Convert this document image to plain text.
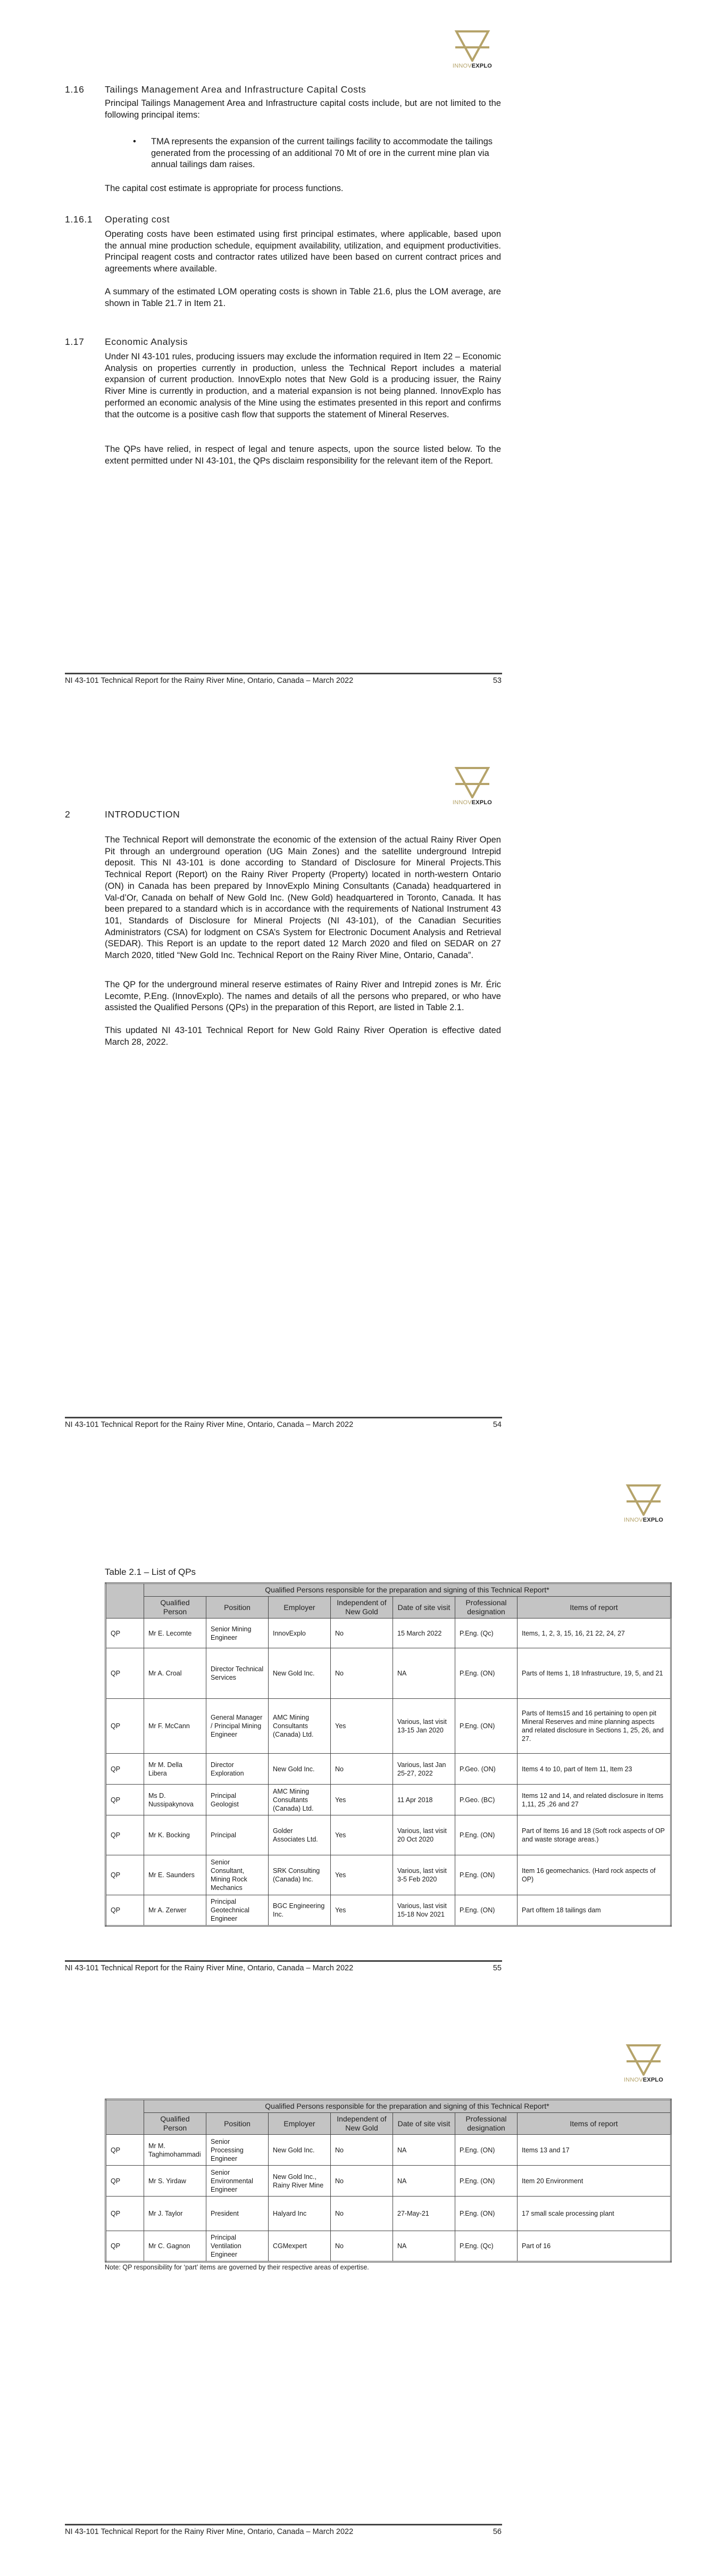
INNOVEXPLO
1.16 Tailings Management Area and Infrastructure Capital Costs
Principal Tailings Management Area and Infrastructure capital costs include, but are not limited to the following principal items:
• TMA represents the expansion of the current tailings facility to accommodate the tailings generated from the processing of an additional 70 Mt of ore in the current mine plan via annual tailings dam raises.
The capital cost estimate is appropriate for process functions.
1.16.1 Operating cost
Operating costs have been estimated using first principal estimates, where applicable, based upon the annual mine production schedule, equipment availability, utilization, and equipment productivities. Principal reagent costs and contractor rates utilized have been based on current contract prices and agreements where available.
A summary of the estimated LOM operating costs is shown in Table 21.6, plus the LOM average, are shown in Table 21.7 in Item 21.
1.17 Economic Analysis
Under NI 43-101 rules, producing issuers may exclude the information required in Item 22 – Economic Analysis on properties currently in production, unless the Technical Report includes a material expansion of current production. InnovExplo notes that New Gold is a producing issuer, the Rainy River Mine is currently in production, and a material expansion is not being planned. InnovExplo has performed an economic analysis of the Mine using the estimates presented in this report and confirms that the outcome is a positive cash flow that supports the statement of Mineral Reserves.
The QPs have relied, in respect of legal and tenure aspects, upon the source listed below. To the extent permitted under NI 43-101, the QPs disclaim responsibility for the relevant item of the Report.
NI 43-101 Technical Report for the Rainy River Mine, Ontario, Canada – March 2022	53
INNOVEXPLO
2	INTRODUCTION
The Technical Report will demonstrate the economic of the extension of the actual Rainy River Open Pit through an underground operation (UG Main Zones) and the satellite underground Intrepid deposit. This NI 43-101 is done according to Standard of Disclosure for Mineral Projects.This Technical Report (Report) on the Rainy River Property (Property) located in north-western Ontario (ON) in Canada has been prepared by InnovExplo Mining Consultants (Canada) headquartered in Val-d’Or, Canada on behalf of New Gold Inc. (New Gold) headquartered in Toronto, Canada. It has been prepared to a standard which is in accordance with the requirements of National Instrument 43 101, Standards of Disclosure for Mineral Projects (NI 43-101), of the Canadian Securities Administrators (CSA) for lodgment on CSA’s System for Electronic Document Analysis and Retrieval (SEDAR). This Report is an update to the report dated 12 March 2020 and filed on SEDAR on 27 March 2020, titled “New Gold Inc. Technical Report on the Rainy River Mine, Ontario, Canada”.
The QP for the underground mineral reserve estimates of Rainy River and Intrepid zones is Mr. Éric Lecomte, P.Eng. (InnovExplo). The names and details of all the persons who prepared, or who have assisted the Qualified Persons (QPs) in the preparation of this Report, are listed in Table 2.1.
This updated NI 43-101 Technical Report for New Gold Rainy River Operation is effective dated March 28, 2022.
NI 43-101 Technical Report for the Rainy River Mine, Ontario, Canada – March 2022	54
INNOVEXPLO
Table 2.1 – List of QPs
	Qualified Persons responsible for the preparation and signing of this Technical Report*						
	Qualified Person	Position	Employer	Independent of New Gold	Date of site visit	Professional designation	Items of report
QP	Mr E. Lecomte	Senior Mining Engineer	InnovExplo	No	15 March 2022	P.Eng. (Qc)	Items, 1, 2, 3, 15, 16, 21 22, 24, 27
QP	Mr A. Croal	Director Technical Services	New Gold Inc.	No	NA	P.Eng. (ON)	Parts of Items 1, 18 Infrastructure, 19, 5, and 21
QP	Mr F. McCann	General Manager / Principal Mining Engineer	AMC Mining Consultants (Canada) Ltd.	Yes	Various, last visit 13-15 Jan 2020	P.Eng. (ON)	Parts of Items15 and 16 pertaining to open pit Mineral Reserves and mine planning aspects and related disclosure in Sections 1, 25, 26, and 27.
QP	Mr M. Della Libera	Director Exploration	New Gold Inc.	No	Various, last Jan 25-27, 2022	P.Geo. (ON)	Items 4 to 10, part of Item 11, Item 23
QP	Ms D. Nussipakynova	Principal Geologist	AMC Mining Consultants (Canada) Ltd.	Yes	11 Apr 2018	P.Geo. (BC)	Items 12 and 14, and related disclosure in Items 1,11, 25 ,26 and 27
QP	Mr K. Bocking	Principal	Golder Associates Ltd.	Yes	Various, last visit 20 Oct 2020	P.Eng. (ON)	Part of Items 16 and 18 (Soft rock aspects of OP and waste storage areas.)
QP	Mr E. Saunders	Senior Consultant, Mining Rock Mechanics	SRK Consulting (Canada) Inc.	Yes	Various, last visit 3-5 Feb 2020	P.Eng. (ON)	Item 16 geomechanics. (Hard rock aspects of OP)
QP	Mr A. Zerwer	Principal Geotechnical Engineer	BGC Engineering Inc.	Yes	Various, last visit 15-18 Nov 2021	P.Eng. (ON)	Part ofItem 18 tailings dam
NI 43-101 Technical Report for the Rainy River Mine, Ontario, Canada – March 2022	55
INNOVEXPLO
	Qualified Persons responsible for the preparation and signing of this Technical Report*						
	Qualified Person	Position	Employer	Independent of New Gold	Date of site visit	Professional designation	Items of report
QP	Mr M. Taghimohammadi	Senior Processing Engineer	New Gold Inc.	No	NA	P.Eng. (ON)	Items 13 and 17
QP	Mr S. Yirdaw	Senior Environmental Engineer	New Gold Inc., Rainy River Mine	No	NA	P.Eng. (ON)	Item 20 Environment
QP	Mr J. Taylor	President	Halyard Inc	No	27-May-21	P.Eng. (ON)	17 small scale processing plant
QP	Mr C. Gagnon	Principal Ventilation Engineer	CGMexpert	No	NA	P.Eng. (Qc)	Part of 16
Note: QP responsibility for ‘part’ items are governed by their respective areas of expertise.
NI 43-101 Technical Report for the Rainy River Mine, Ontario, Canada – March 2022	56
